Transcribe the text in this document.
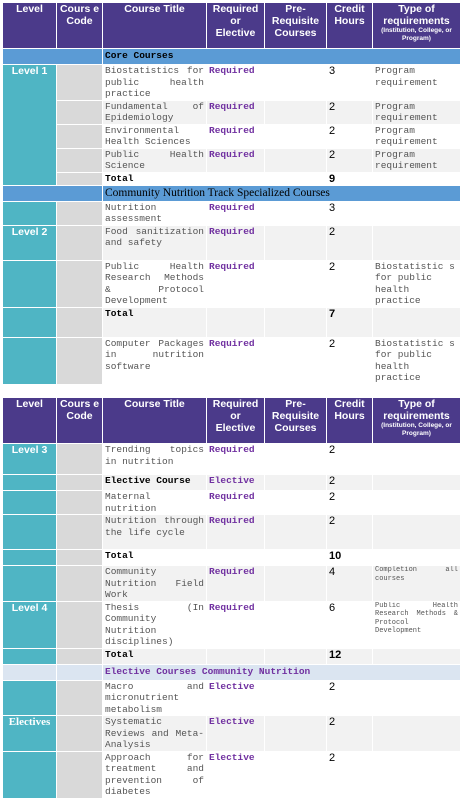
Level	Cours e Code	Course Title	Required or Elective	Pre-Requisite Courses	Credit Hours	Type of requirements
(Institution, College, or Program)

		Core Courses				
Level 1		Biostatistics for public health practice	Required		3	Program requirement
		Fundamental of Epidemiology	Required		2	Program requirement
		Environmental Health Sciences	Required		2	Program requirement
		Public Health Science	Required		2	Program requirement
		Total			9	
		Community Nutrition Track Specialized Courses				
		Nutrition assessment	Required		3	
Level 2		Food sanitization and safety	Required		2	
		Public Health Research Methods & Protocol Development	Required		2	Biostatistic s for public health practice
		Total			7	
		Computer Packages in nutrition software	Required		2	Biostatistic s for public health practice
Level	Cours e Code	Course Title	Required or Elective	Pre-Requisite Courses	Credit Hours	Type of requirements
(Institution, College, or Program)

Level 3		Trending topics in nutrition	Required		2	
		Elective Course	Elective		2	
		Maternal nutrition	Required		2	
		Nutrition through the life cycle	Required		2	
		Total			10	
		Community Nutrition Field Work	Required		4	Completion all courses
Level 4		Thesis (In Community Nutrition disciplines)	Required		6	Public Health Research Methods & Protocol Development
		Total			12	
		Elective Courses Community Nutrition				
		Macro and micronutrient metabolism	Elective		2	
Electives		Systematic Reviews and Meta-Analysis	Elective		2	
		Approach for treatment and prevention of diabetes	Elective		2	
